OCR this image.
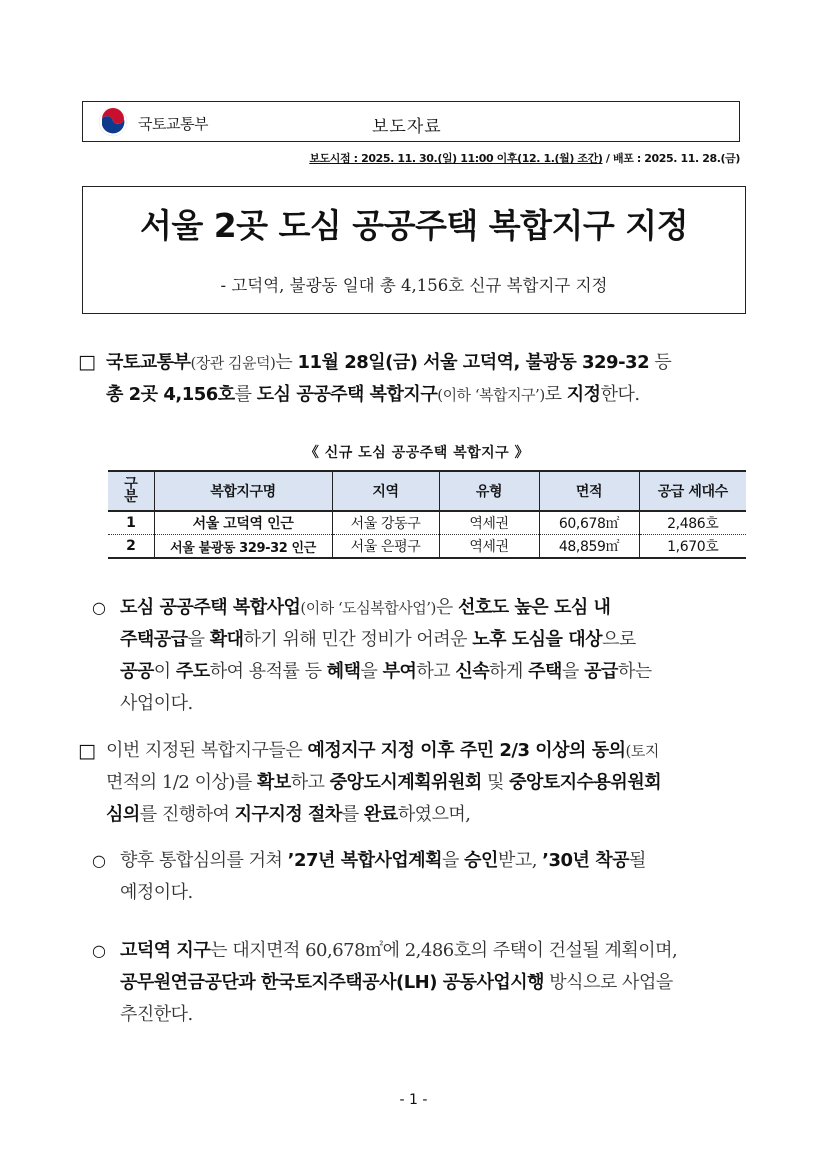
국토교통부	보도자료
보도시점 : 2025. 11. 30.(일) 11:00 이후(12. 1.(월) 조간) / 배포 : 2025. 11. 28.(금)
서울 2곳 도심 공공주택 복합지구 지정
- 고덕역, 불광동 일대 총 4,156호 신규 복합지구 지정
□ 국토교통부(장관 김윤덕)는 11월 28일(금) 서울 고덕역, 불광동 329-32 등
총 2곳 4,156호를 도심 공공주택 복합지구(이하 ‘복합지구’)로 지정한다.
《 신규 도심 공공주택 복합지구 》
구
분	복합지구명	지역	유형	면적	공급 세대수
1	서울 고덕역 인근	서울 강동구	역세권	60,678㎡	2,486호
2	서울 불광동 329-32 인근	서울 은평구	역세권	48,859㎡	1,670호
○ 도심 공공주택 복합사업(이하 ‘도심복합사업’)은 선호도 높은 도심 내
주택공급을 확대하기 위해 민간 정비가 어려운 노후 도심을 대상으로
공공이 주도하여 용적률 등 혜택을 부여하고 신속하게 주택을 공급하는
사업이다.
□ 이번 지정된 복합지구들은 예정지구 지정 이후 주민 2/3 이상의 동의(토지
면적의 1/2 이상)를 확보하고 중앙도시계획위원회 및 중앙토지수용위원회
심의를 진행하여 지구지정 절차를 완료하였으며,
○ 향후 통합심의를 거쳐 ’27년 복합사업계획을 승인받고, ’30년 착공될
예정이다.
○ 고덕역 지구는 대지면적 60,678㎡에 2,486호의 주택이 건설될 계획이며,
공무원연금공단과 한국토지주택공사(LH) 공동사업시행 방식으로 사업을
추진한다.
- 1 -
